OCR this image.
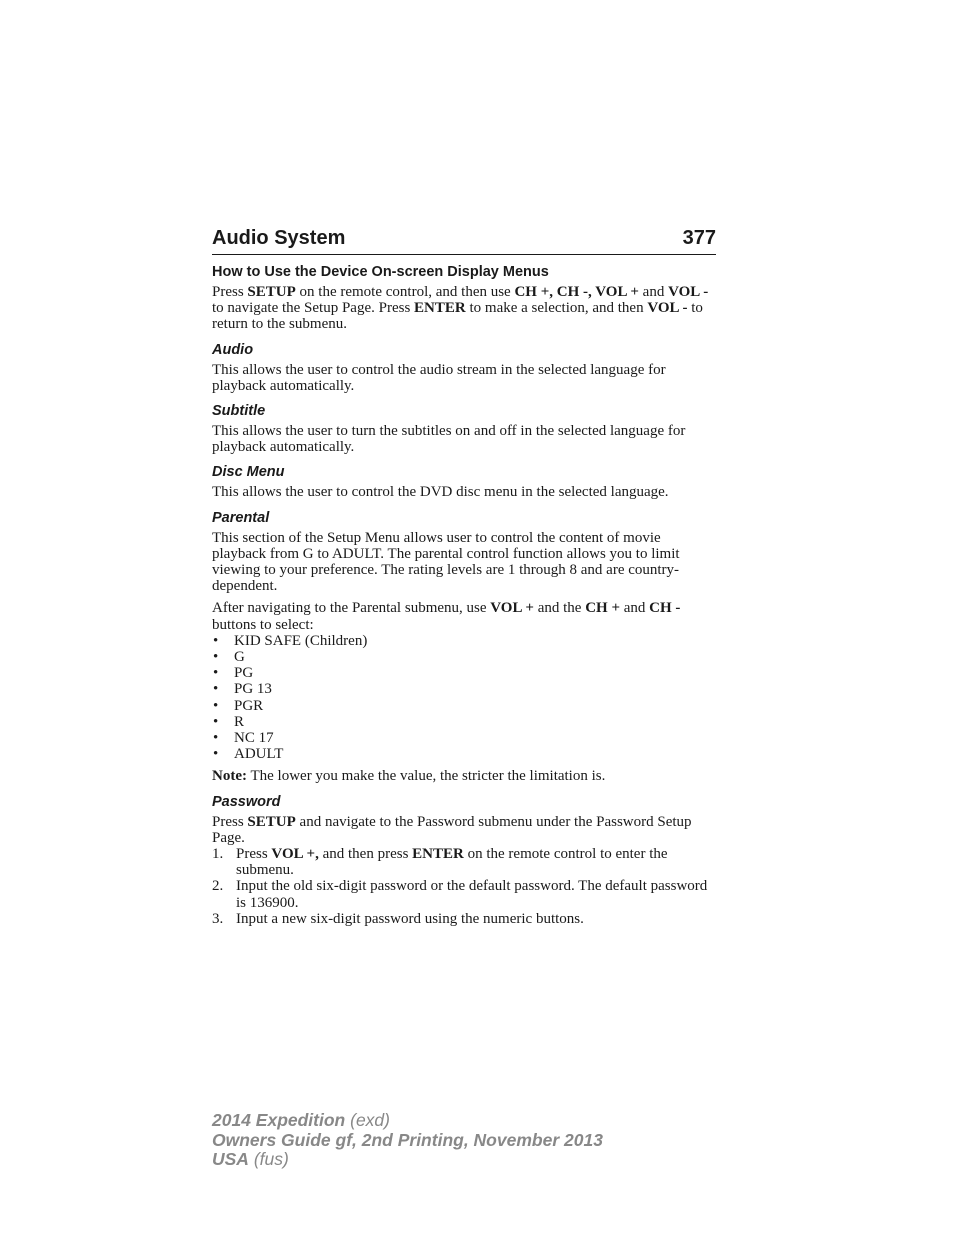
Audio System	377
How to Use the Device On-screen Display Menus

Press SETUP on the remote control, and then use CH +, CH -, VOL + and VOL - to navigate the Setup Page. Press ENTER to make a selection, and then VOL - to return to the submenu.

Audio

This allows the user to control the audio stream in the selected language for playback automatically.

Subtitle

This allows the user to turn the subtitles on and off in the selected language for playback automatically.

Disc Menu

This allows the user to control the DVD disc menu in the selected language.

Parental

This section of the Setup Menu allows user to control the content of movie playback from G to ADULT. The parental control function allows you to limit viewing to your preference. The rating levels are 1 through 8 and are country-dependent.

After navigating to the Parental submenu, use VOL + and the CH + and CH - buttons to select:

• KID SAFE (Children)
• G
• PG
• PG 13
• PGR
• R
• NC 17
• ADULT

Note: The lower you make the value, the stricter the limitation is.

Password

Press SETUP and navigate to the Password submenu under the Password Setup Page.

1. Press VOL +, and then press ENTER on the remote control to enter the submenu.
2. Input the old six-digit password or the default password. The default password is 136900.
3. Input a new six-digit password using the numeric buttons.
2014 Expedition (exd)
Owners Guide gf, 2nd Printing, November 2013
USA (fus)
